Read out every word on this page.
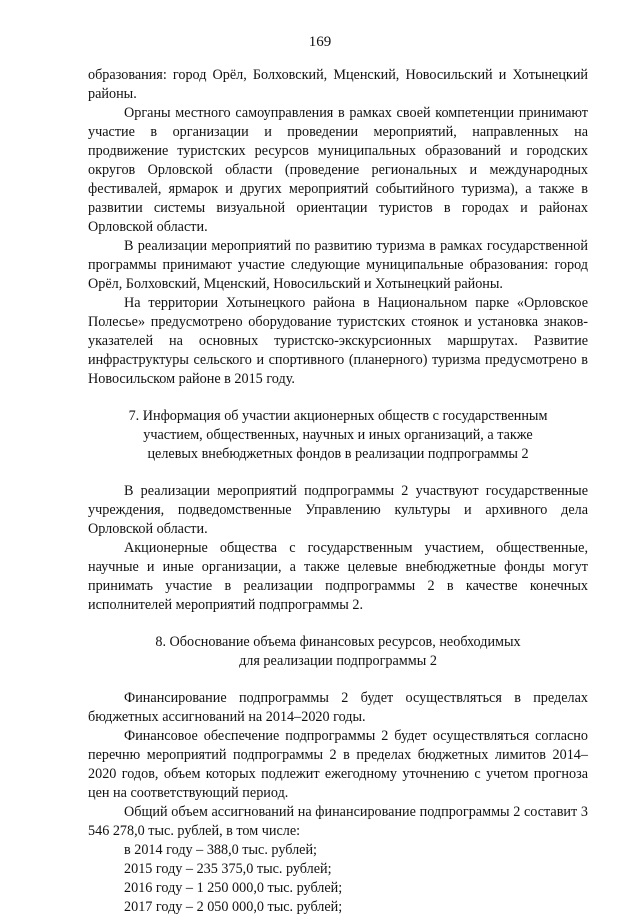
169

образования: город Орёл, Болховский, Мценский, Новосильский и Хотынецкий районы.

Органы местного самоуправления в рамках своей компетенции принимают участие в организации и проведении мероприятий, направленных на продвижение туристских ресурсов муниципальных образований и городских округов Орловской области (проведение региональных и международных фестивалей, ярмарок и других мероприятий событийного туризма), а также в развитии системы визуальной ориентации туристов в городах и районах Орловской области.

В реализации мероприятий по развитию туризма в рамках государственной программы принимают участие следующие муниципальные образования: город Орёл, Болховский, Мценский, Новосильский и Хотынецкий районы.

На территории Хотынецкого района в Национальном парке «Орловское Полесье» предусмотрено оборудование туристских стоянок и установка знаков-указателей на основных туристско-экскурсионных маршрутах. Развитие инфраструктуры сельского и спортивного (планерного) туризма предусмотрено в Новосильском районе в 2015 году.

7. Информация об участии акционерных обществ с государственным
участием, общественных, научных и иных организаций, а также
целевых внебюджетных фондов в реализации подпрограммы 2

В реализации мероприятий подпрограммы 2 участвуют государственные учреждения, подведомственные Управлению культуры и архивного дела Орловской области.

Акционерные общества с государственным участием, общественные, научные и иные организации, а также целевые внебюджетные фонды могут принимать участие в реализации подпрограммы 2 в качестве конечных исполнителей мероприятий подпрограммы 2.

8. Обоснование объема финансовых ресурсов, необходимых
для реализации подпрограммы 2

Финансирование подпрограммы 2 будет осуществляться в пределах бюджетных ассигнований на 2014–2020 годы.

Финансовое обеспечение подпрограммы 2 будет осуществляться согласно перечню мероприятий подпрограммы 2 в пределах бюджетных лимитов 2014–2020 годов, объем которых подлежит ежегодному уточнению с учетом прогноза цен на соответствующий период.

Общий объем ассигнований на финансирование подпрограммы 2 составит 3 546 278,0 тыс. рублей, в том числе:

в 2014 году – 388,0 тыс. рублей;

2015 году – 235 375,0 тыс. рублей;

2016 году – 1 250 000,0 тыс. рублей;

2017 году – 2 050 000,0 тыс. рублей;
